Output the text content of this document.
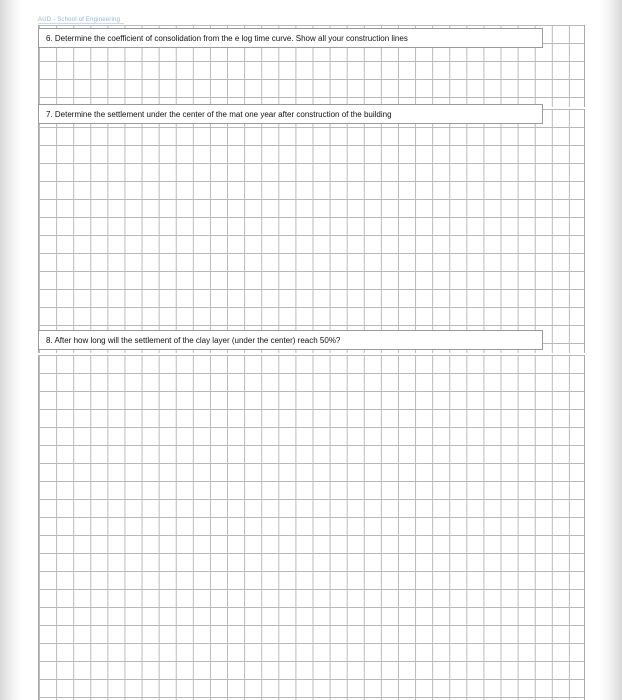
AUD - School of Engineering
6. Determine the coefficient of consolidation from the e log time curve. Show all your construction lines
7. Determine the settlement under the center of the mat one year after construction of the building
8. After how long will the settlement of the clay layer (under the center) reach 50%?
